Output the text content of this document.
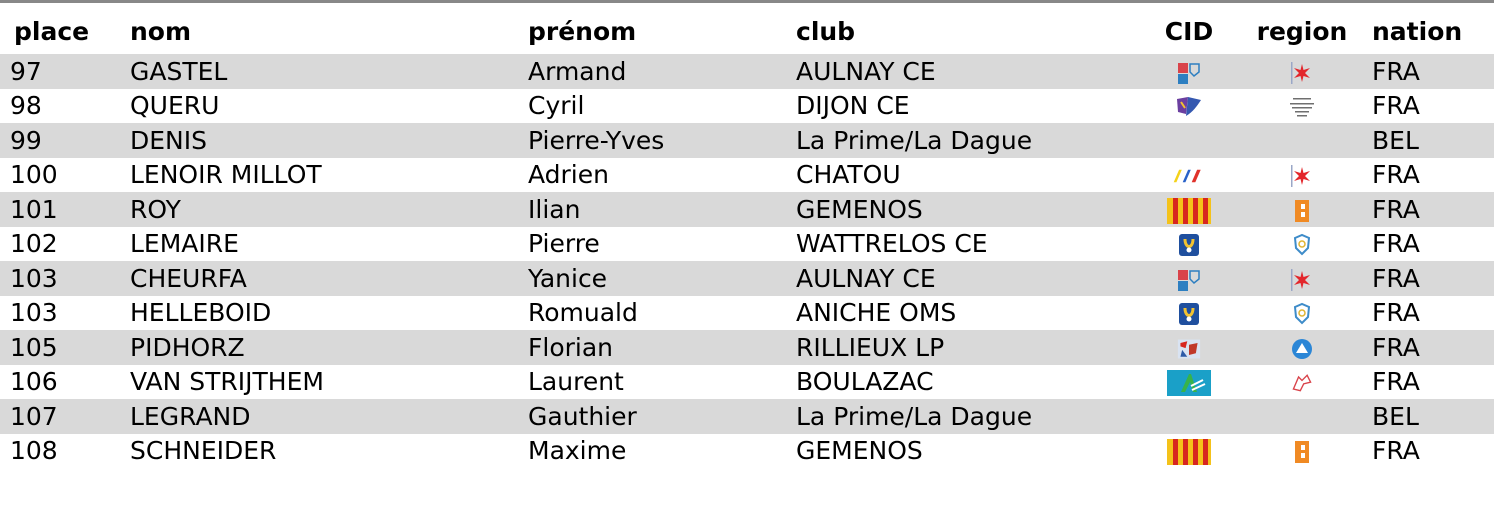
place	nom	prénom	club	CID	region	nation
97	GASTEL	Armand	AULNAY CE			FRA
98	QUERU	Cyril	DIJON CE			FRA
99	DENIS	Pierre-Yves	La Prime/La Dague			BEL
100	LENOIR MILLOT	Adrien	CHATOU			FRA
101	ROY	Ilian	GEMENOS			FRA
102	LEMAIRE	Pierre	WATTRELOS CE			FRA
103	CHEURFA	Yanice	AULNAY CE			FRA
103	HELLEBOID	Romuald	ANICHE OMS			FRA
105	PIDHORZ	Florian	RILLIEUX LP			FRA
106	VAN STRIJTHEM	Laurent	BOULAZAC			FRA
107	LEGRAND	Gauthier	La Prime/La Dague			BEL
108	SCHNEIDER	Maxime	GEMENOS			FRA
